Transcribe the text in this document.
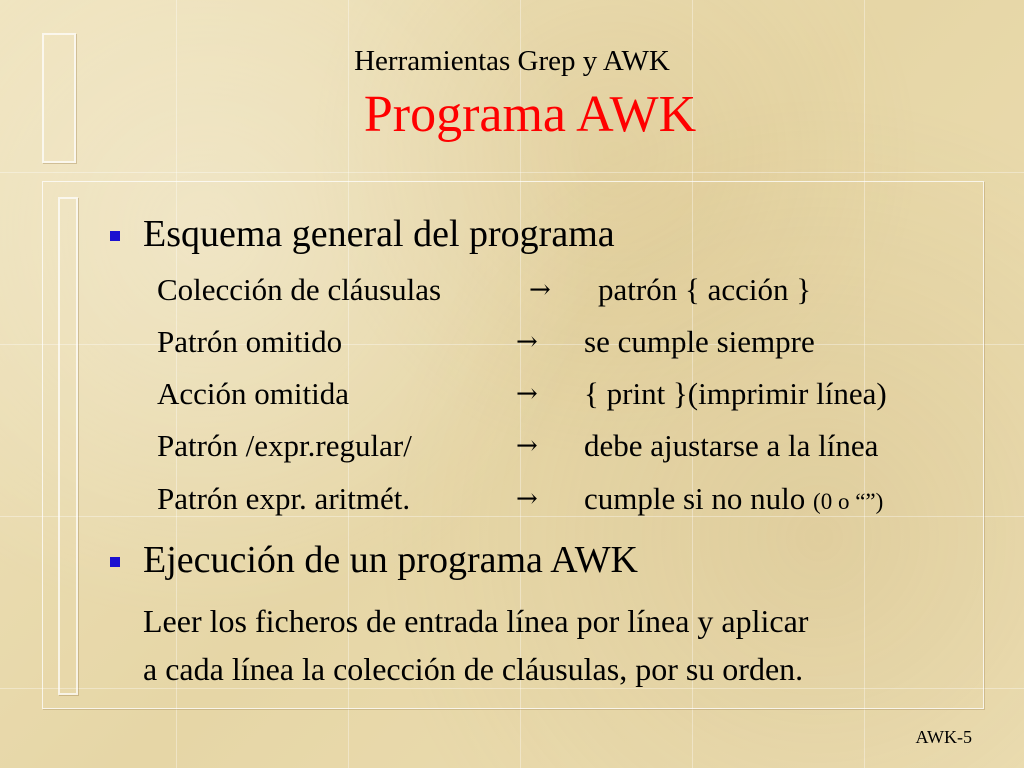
Herramientas Grep y AWK
Programa AWK
Esquema general del programa
Colección de cláusulas	→ patrón { acción }
Patrón omitido	→ se cumple siempre
Acción omitida	→ { print }(imprimir línea)
Patrón /expr.regular/	→ debe ajustarse a la línea
Patrón expr. aritmét.	→ cumple si no nulo (0 o “”)
Ejecución de un programa AWK
Leer los ficheros de entrada línea por línea y aplicar
a cada línea la colección de cláusulas, por su orden.
AWK-5
